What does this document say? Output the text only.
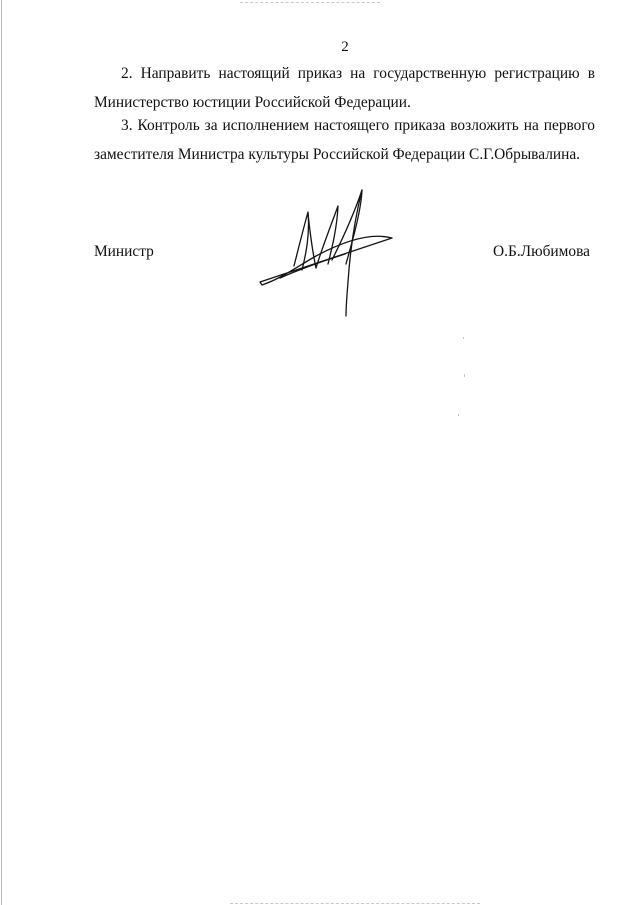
2

2. Направить настоящий приказ на государственную регистрацию в
Министерство юстиции Российской Федерации.

3. Контроль за исполнением настоящего приказа возложить на первого
заместителя Министра культуры Российской Федерации С.Г.Обрывалина.

Министр	О.Б.Любимова
